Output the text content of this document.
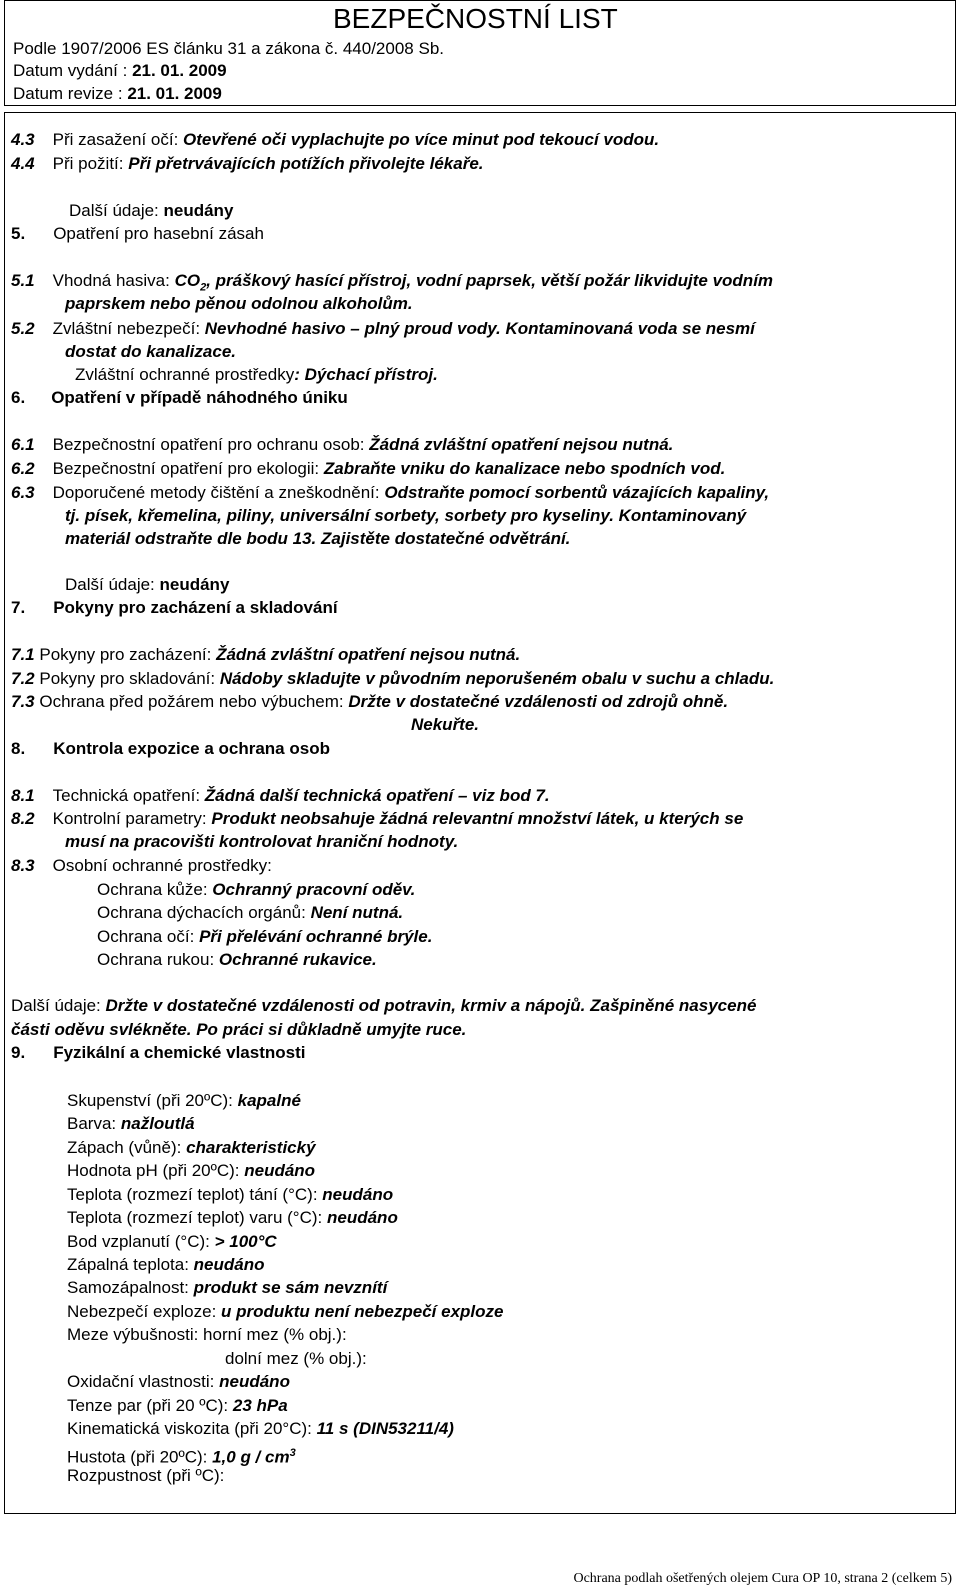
BEZPEČNOSTNÍ LIST
Podle 1907/2006 ES článku 31 a zákona č. 440/2008 Sb.
Datum vydání : 21. 01. 2009
Datum revize : 21. 01. 2009
4.3 Při zasažení očí: Otevřené oči vyplachujte po více minut pod tekoucí vodou.
4.4 Při požití: Při přetrvávajících potížích přivolejte lékaře.
Další údaje: neudány
5. Opatření pro hasební zásah
5.1 Vhodná hasiva: $CO_2$, práškový hasící přístroj, vodní paprsek, větší požár likvidujte vodním
paprskem nebo pěnou odolnou alkoholům.
5.2 Zvláštní nebezpečí: Nevhodné hasivo – plný proud vody. Kontaminovaná voda se nesmí
dostat do kanalizace.
Zvláštní ochranné prostředky: Dýchací přístroj.
6. Opatření v případě náhodného úniku
6.1 Bezpečnostní opatření pro ochranu osob: Žádná zvláštní opatření nejsou nutná.
6.2 Bezpečnostní opatření pro ekologii: Zabraňte vniku do kanalizace nebo spodních vod.
6.3 Doporučené metody čištění a zneškodnění: Odstraňte pomocí sorbentů vázajících kapaliny,
tj. písek, křemelina, piliny, universální sorbety, sorbety pro kyseliny. Kontaminovaný
materiál odstraňte dle bodu 13. Zajistěte dostatečné odvětrání.
Další údaje: neudány
7. Pokyny pro zacházení a skladování
7.1 Pokyny pro zacházení: Žádná zvláštní opatření nejsou nutná.
7.2 Pokyny pro skladování: Nádoby skladujte v původním neporušeném obalu v suchu a chladu.
7.3 Ochrana před požárem nebo výbuchem: Držte v dostatečné vzdálenosti od zdrojů ohně.
Nekuřte.
8. Kontrola expozice a ochrana osob
8.1 Technická opatření: Žádná další technická opatření – viz bod 7.
8.2 Kontrolní parametry: Produkt neobsahuje žádná relevantní množství látek, u kterých se
musí na pracovišti kontrolovat hraniční hodnoty.
8.3 Osobní ochranné prostředky:
Ochrana kůže: Ochranný pracovní oděv.
Ochrana dýchacích orgánů: Není nutná.
Ochrana očí: Při přelévání ochranné brýle.
Ochrana rukou: Ochranné rukavice.
Další údaje: Držte v dostatečné vzdálenosti od potravin, krmiv a nápojů. Zašpiněné nasycené
části oděvu svlékněte. Po práci si důkladně umyjte ruce.
9. Fyzikální a chemické vlastnosti
Skupenství (při 20ºC): kapalné
Barva: nažloutlá
Zápach (vůně): charakteristický
Hodnota pH (při 20ºC): neudáno
Teplota (rozmezí teplot) tání (°C): neudáno
Teplota (rozmezí teplot) varu (°C): neudáno
Bod vzplanutí (°C): > 100°C
Zápalná teplota: neudáno
Samozápalnost: produkt se sám nevznítí
Nebezpečí exploze: u produktu není nebezpečí exploze
Meze výbušnosti: horní mez (% obj.):
dolní mez (% obj.):
Oxidační vlastnosti: neudáno
Tenze par (při 20 ºC): 23 hPa
Kinematická viskozita (při 20°C): 11 s (DIN53211/4)
Hustota (při 20ºC): 1,0 g / $cm^3$
Rozpustnost (při ºC):
Ochrana podlah ošetřených olejem Cura OP 10, strana 2 (celkem 5)
